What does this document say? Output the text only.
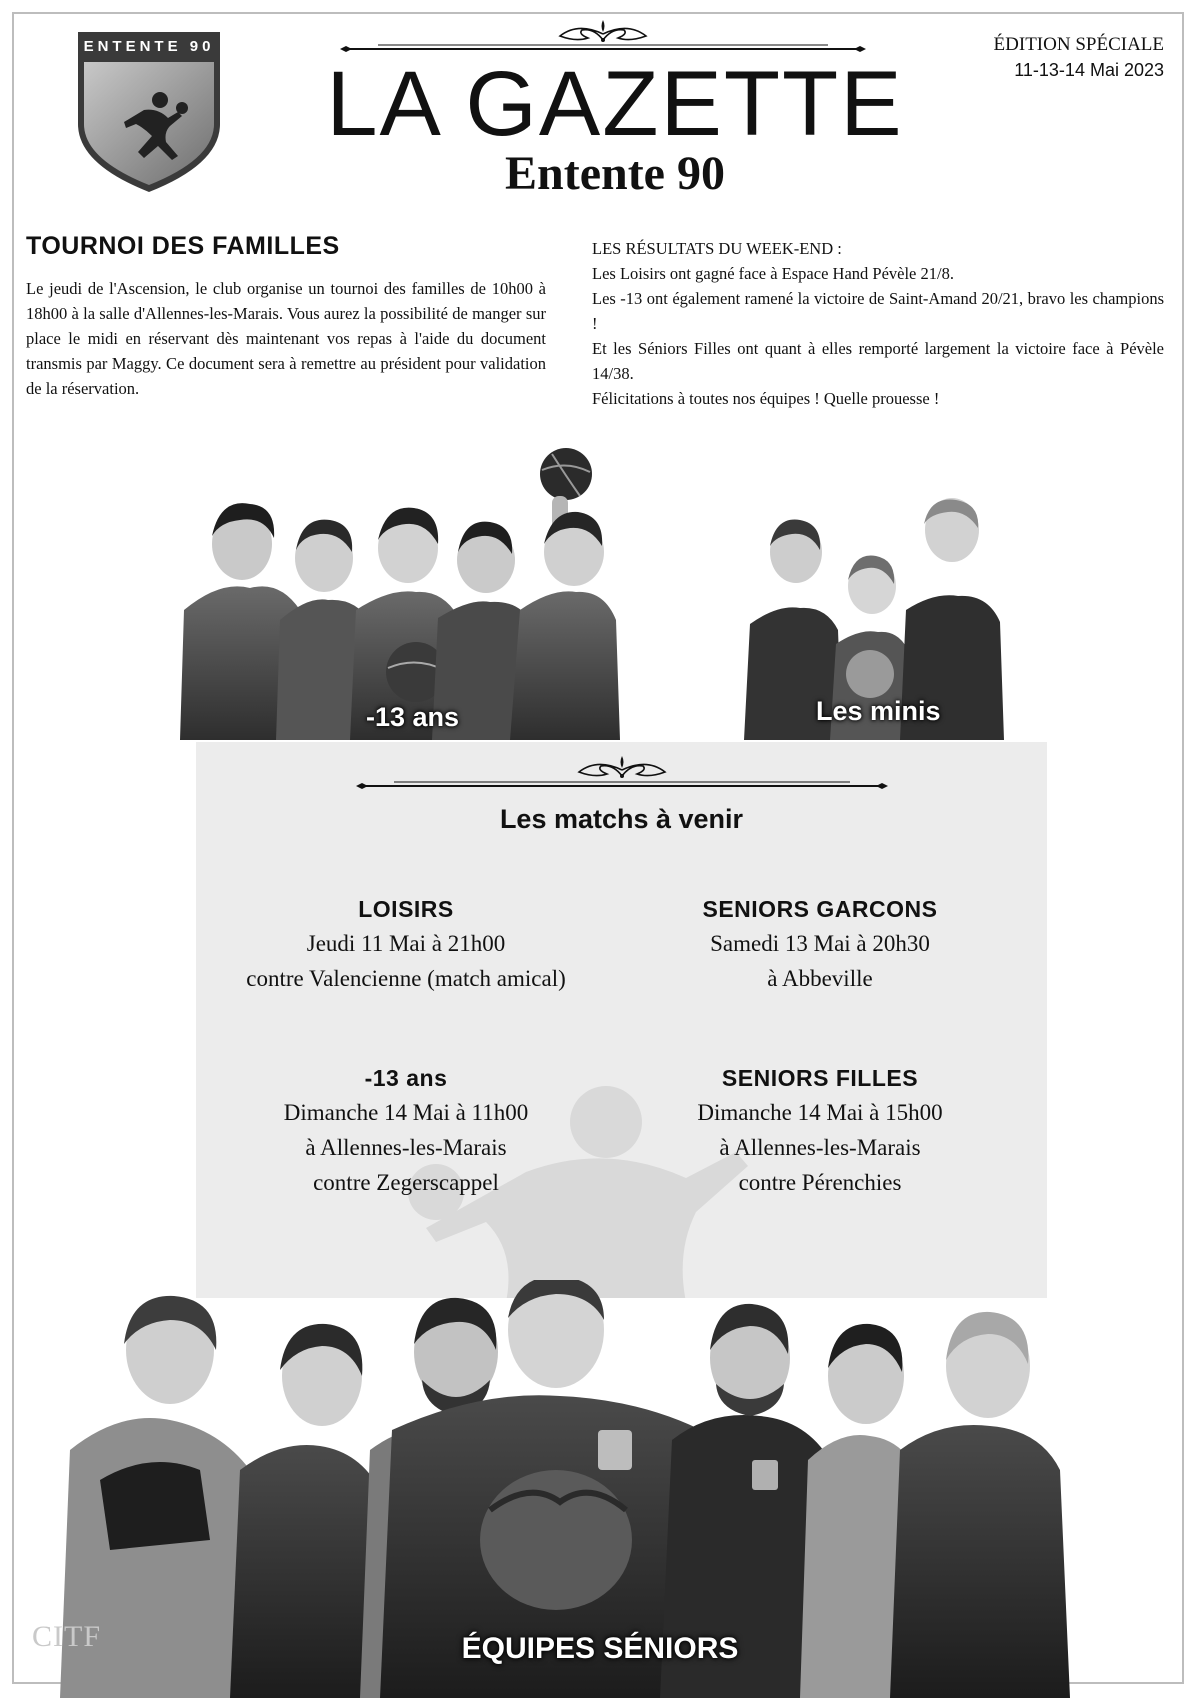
ENTENTE 90
LA GAZETTE
Entente 90
ÉDITION SPÉCIALE
11-13-14 Mai 2023
TOURNOI DES FAMILLES

Le jeudi de l'Ascension, le club organise un tournoi des familles de 10h00 à 18h00 à la salle d'Allennes-les-Marais. Vous aurez la possibilité de manger sur place le midi en réservant dès maintenant vos repas à l'aide du document transmis par Maggy. Ce document sera à remettre au président pour validation de la réservation.

LES RÉSULTATS DU WEEK-END :
Les Loisirs ont gagné face à Espace Hand Pévèle 21/8.
Les -13 ont également ramené la victoire de Saint-Amand 20/21, bravo les champions !
Et les Séniors Filles ont quant à elles remporté largement la victoire face à Pévèle 14/38.
Félicitations à toutes nos équipes ! Quelle prouesse !
-13 ans	Les minis
Les matchs à venir
LOISIRS
Jeudi 11 Mai à 21h00
contre Valencienne (match amical)
SENIORS GARCONS
Samedi 13 Mai à 20h30
à Abbeville
-13 ans
Dimanche 14 Mai à 11h00
à Allennes-les-Marais
contre Zegerscappel
SENIORS FILLES
Dimanche 14 Mai à 15h00
à Allennes-les-Marais
contre Pérenchies
CITF	ÉQUIPES SÉNIORS
